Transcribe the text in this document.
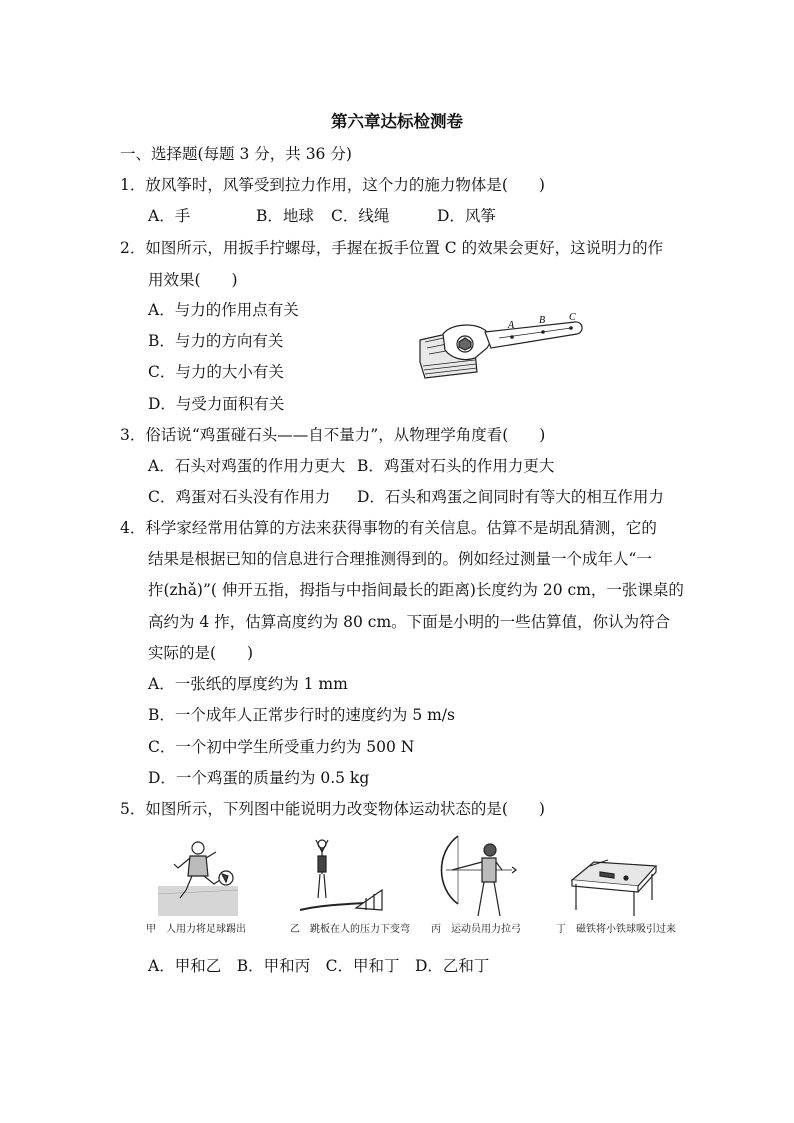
第六章达标检测卷
一、选择题(每题 3 分，共 36 分)
1．放风筝时，风筝受到拉力作用，这个力的施力物体是(　　)
A．手	B．地球 C．线绳	D．风筝
2．如图所示，用扳手拧螺母，手握在扳手位置 C 的效果会更好，这说明力的作
用效果(　　)
A．与力的作用点有关
B．与力的方向有关
C．与力的大小有关
D．与受力面积有关
A B C
3．俗话说“鸡蛋碰石头——自不量力”，从物理学角度看(　　)
A．石头对鸡蛋的作用力更大 B．鸡蛋对石头的作用力更大
C．鸡蛋对石头没有作用力 D．石头和鸡蛋之间同时有等大的相互作用力
4．科学家经常用估算的方法来获得事物的有关信息。估算不是胡乱猜测，它的
结果是根据已知的信息进行合理推测得到的。例如经过测量一个成年人“一
拃(zhǎ)”( 伸开五指，拇指与中指间最长的距离)长度约为 20 cm，一张课桌的
高约为 4 拃，估算高度约为 80 cm。下面是小明的一些估算值，你认为符合
实际的是(　　)
A．一张纸的厚度约为 1 mm
B．一个成年人正常步行时的速度约为 5 m/s
C．一个初中学生所受重力约为 500 N
D．一个鸡蛋的质量约为 0.5 kg
5．如图所示，下列图中能说明力改变物体运动状态的是(　　)
甲　人用力将足球踢出	乙　跳板在人的压力下变弯 丙　运动员用力拉弓	丁　磁铁将小铁球吸引过来
A．甲和乙　B．甲和丙　C．甲和丁　D．乙和丁
